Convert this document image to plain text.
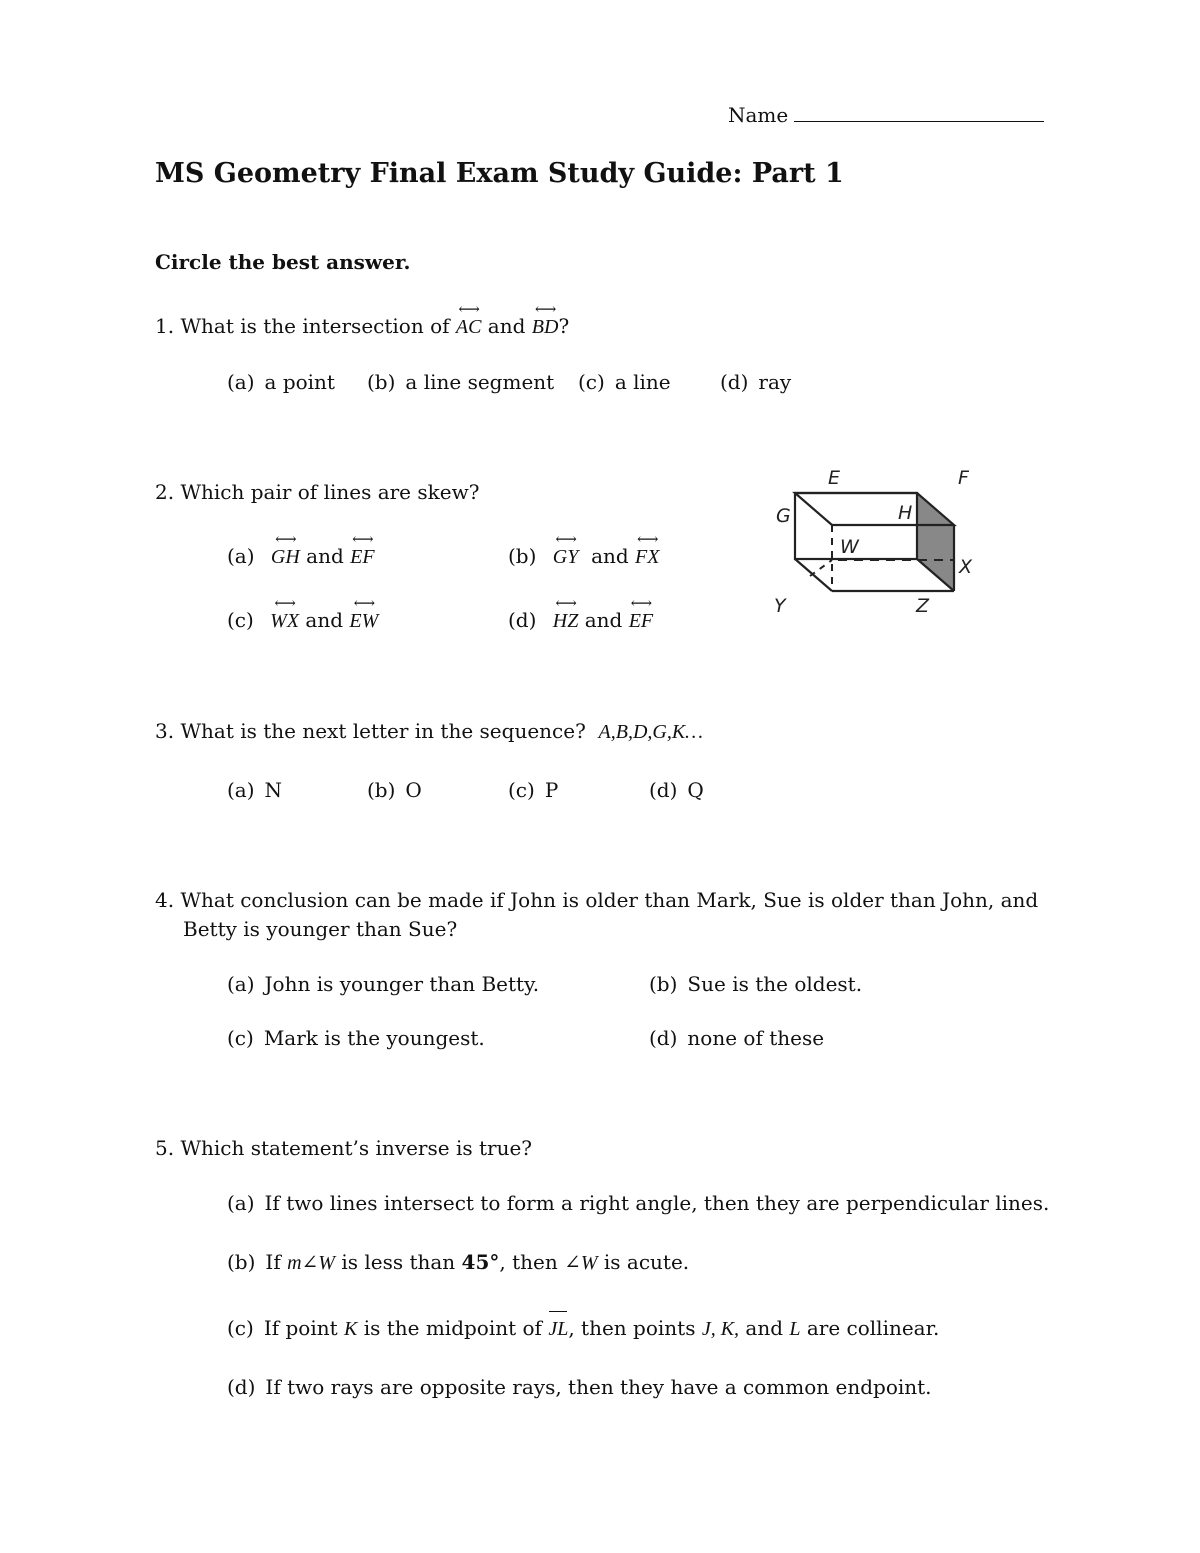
Name
MS Geometry Final Exam Study Guide: Part 1
Circle the best answer.
1. What is the intersection of
⟷
AC and
⟷
BD?
(a) a point (b) a line segment (c) a line (d) ray
2. Which pair of lines are skew?
(a)
⟷
GH and
⟷
EF	(b)
⟷
GY and
⟷
FX
(c)
⟷
WX and
⟷
EW	(d)
⟷
HZ and
⟷
EF
E	F
G	H
W
X
Y	Z
3. What is the next letter in the sequence? A,B,D,G,K…
(a) N	(b) O	(c) P	(d) Q
4. What conclusion can be made if John is older than Mark, Sue is older than John, and
Betty is younger than Sue?
(a) John is younger than Betty.	(b) Sue is the oldest.
(c) Mark is the youngest.	(d) none of these
5. Which statement’s inverse is true?
(a) If two lines intersect to form a right angle, then they are perpendicular lines.
(b) If m∠W is less than 45°, then ∠W is acute.
(c) If point K is the midpoint of JL, then points J, K, and L are collinear.
(d) If two rays are opposite rays, then they have a common endpoint.
